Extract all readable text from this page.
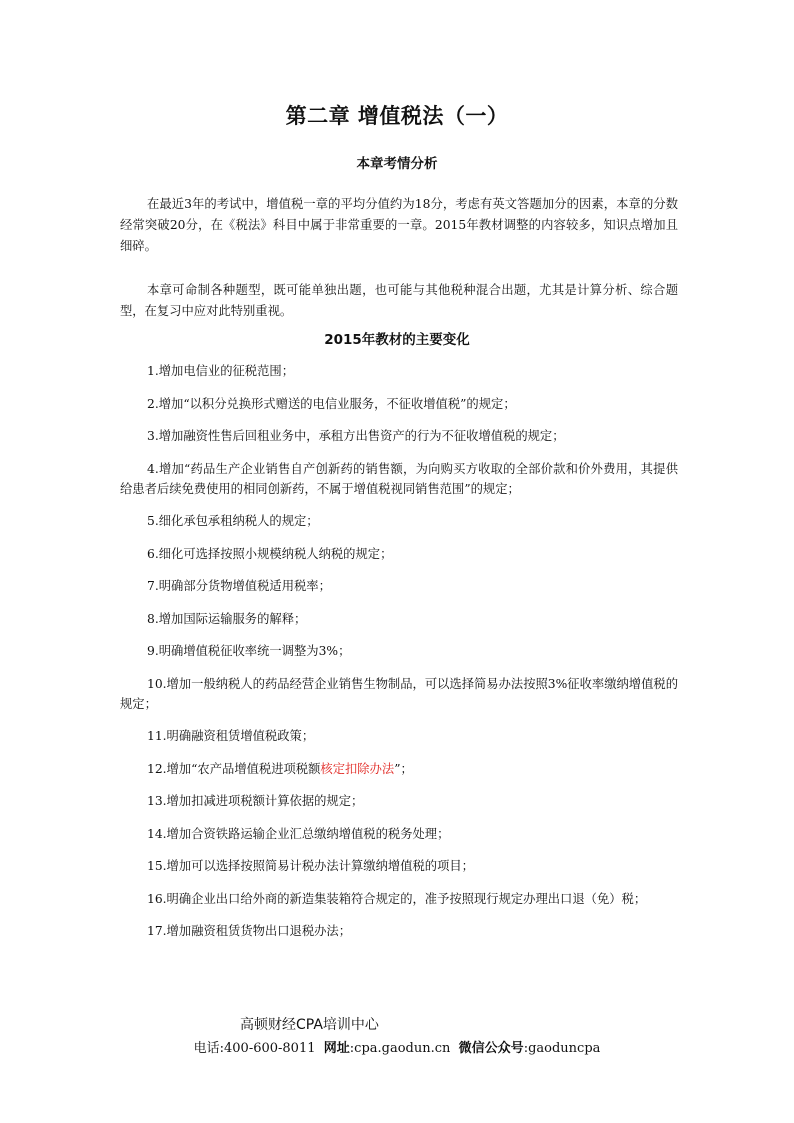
第二章 增值税法（一）
本章考情分析

在最近3年的考试中，增值税一章的平均分值约为18分，考虑有英文答题加分的因素，本章的分数经常突破20分，在《税法》科目中属于非常重要的一章。2015年教材调整的内容较多，知识点增加且细碎。

本章可命制各种题型，既可能单独出题，也可能与其他税种混合出题，尤其是计算分析、综合题型，在复习中应对此特别重视。

2015年教材的主要变化
1.增加电信业的征税范围；
2.增加“以积分兑换形式赠送的电信业服务，不征收增值税”的规定；
3.增加融资性售后回租业务中，承租方出售资产的行为不征收增值税的规定；
4.增加“药品生产企业销售自产创新药的销售额，为向购买方收取的全部价款和价外费用，其提供给患者后续免费使用的相同创新药，不属于增值税视同销售范围”的规定；
5.细化承包承租纳税人的规定；
6.细化可选择按照小规模纳税人纳税的规定；
7.明确部分货物增值税适用税率；
8.增加国际运输服务的解释；
9.明确增值税征收率统一调整为3%；
10.增加一般纳税人的药品经营企业销售生物制品，可以选择简易办法按照3%征收率缴纳增值税的规定；
11.明确融资租赁增值税政策；
12.增加“农产品增值税进项税额核定扣除办法”；
13.增加扣减进项税额计算依据的规定；
14.增加合资铁路运输企业汇总缴纳增值税的税务处理；
15.增加可以选择按照简易计税办法计算缴纳增值税的项目；
16.明确企业出口给外商的新造集装箱符合规定的，准予按照现行规定办理出口退（免）税；
17.增加融资租赁货物出口退税办法；
高顿财经CPA培训中心
电话:400-600-8011 网址:cpa.gaodun.cn 微信公众号:gaoduncpa
